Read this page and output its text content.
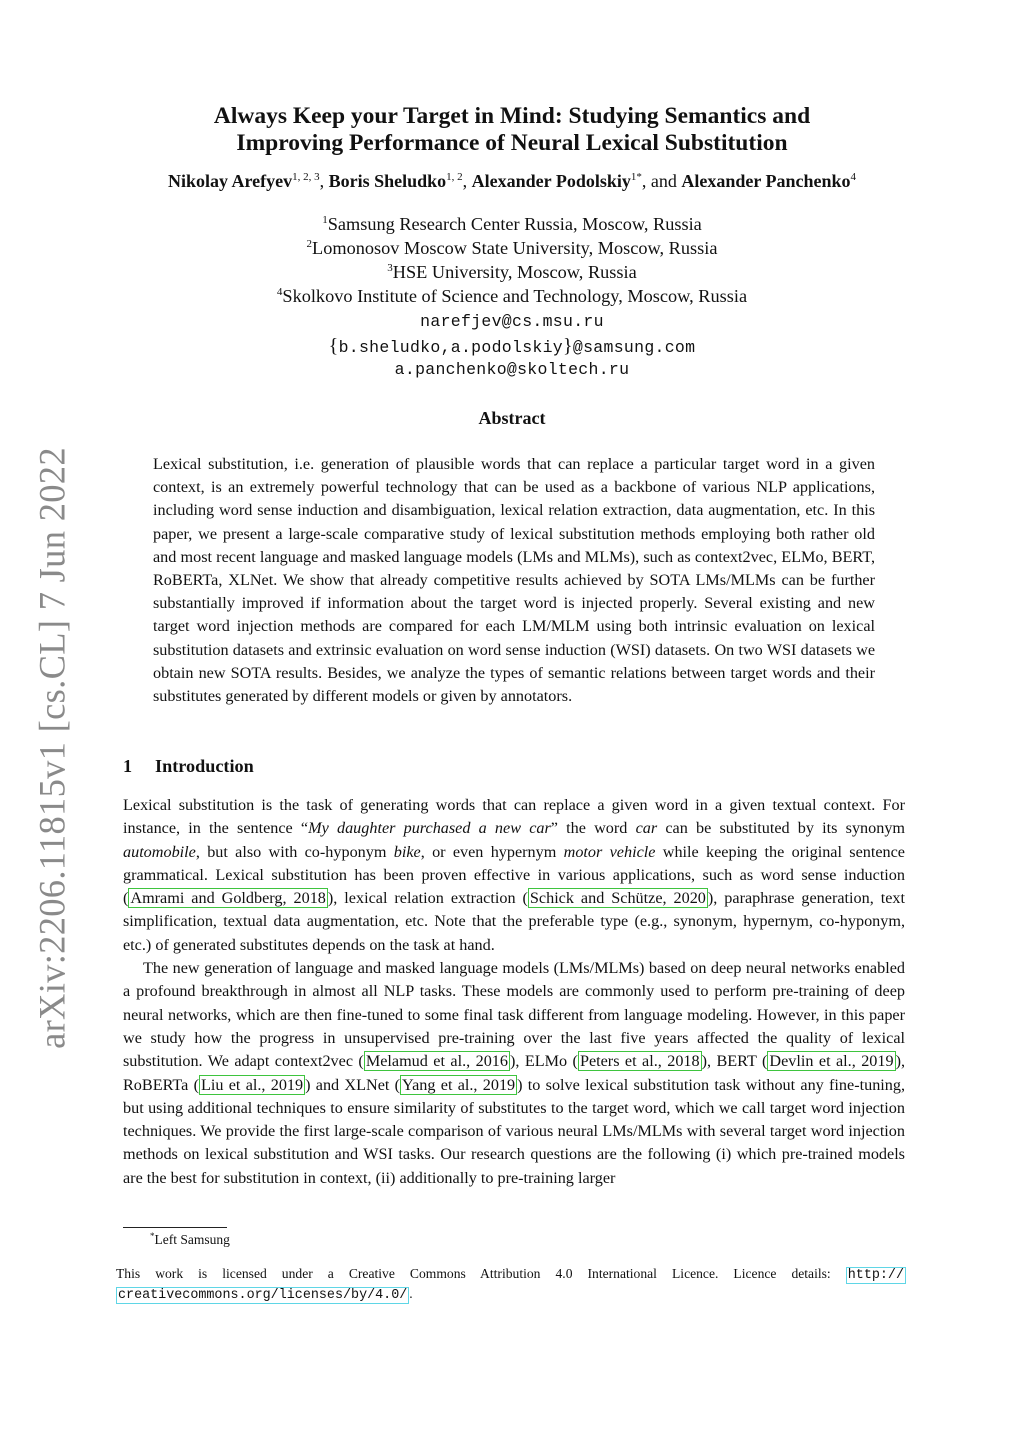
arXiv:2206.11815v1 [cs.CL] 7 Jun 2022
Always Keep your Target in Mind: Studying Semantics and
Improving Performance of Neural Lexical Substitution
Nikolay Arefyev$^{1, 2, 3}$, Boris Sheludko$^{1, 2}$, Alexander Podolskiy$^{1*}$, and Alexander Panchenko$^4$
$^1$Samsung Research Center Russia, Moscow, Russia
$^2$Lomonosov Moscow State University, Moscow, Russia
$^3$HSE University, Moscow, Russia
$^4$Skolkovo Institute of Science and Technology, Moscow, Russia
narefjev@cs.msu.ru
{b.sheludko,a.podolskiy}@samsung.com
a.panchenko@skoltech.ru
Abstract
Lexical substitution, i.e. generation of plausible words that can replace a particular target word in a given context, is an extremely powerful technology that can be used as a backbone of various NLP applications, including word sense induction and disambiguation, lexical relation extraction, data augmentation, etc. In this paper, we present a large-scale comparative study of lexical substitution methods employing both rather old and most recent language and masked language models (LMs and MLMs), such as context2vec, ELMo, BERT, RoBERTa, XLNet. We show that already competitive results achieved by SOTA LMs/MLMs can be further substantially improved if information about the target word is injected properly. Several existing and new target word injection methods are compared for each LM/MLM using both intrinsic evaluation on lexical substitution datasets and extrinsic evaluation on word sense induction (WSI) datasets. On two WSI datasets we obtain new SOTA results. Besides, we analyze the types of semantic relations between target words and their substitutes generated by different models or given by annotators.
1 Introduction

Lexical substitution is the task of generating words that can replace a given word in a given textual context. For instance, in the sentence “My daughter purchased a new car” the word car can be substituted by its synonym automobile, but also with co-hyponym bike, or even hypernym motor vehicle while keeping the original sentence grammatical. Lexical substitution has been proven effective in various applications, such as word sense induction ( Amrami and Goldberg, 2018 ), lexical relation extraction ( Schick and Schütze, 2020 ), paraphrase generation, text simplification, textual data augmentation, etc. Note that the preferable type (e.g., synonym, hypernym, co-hyponym, etc.) of generated substitutes depends on the task at hand.

The new generation of language and masked language models (LMs/MLMs) based on deep neural networks enabled a profound breakthrough in almost all NLP tasks. These models are commonly used to perform pre-training of deep neural networks, which are then fine-tuned to some final task different from language modeling. However, in this paper we study how the progress in unsupervised pre-training over the last five years affected the quality of lexical substitution. We adapt context2vec ( Melamud et al., 2016 ), ELMo ( Peters et al., 2018 ), BERT ( Devlin et al., 2019 ), RoBERTa ( Liu et al., 2019 ) and XLNet ( Yang et al., 2019 ) to solve lexical substitution task without any fine-tuning, but using additional techniques to ensure similarity of substitutes to the target word, which we call target word injection techniques. We provide the first large-scale comparison of various neural LMs/MLMs with several target word injection methods on lexical substitution and WSI tasks. Our research questions are the following (i) which pre-trained models are the best for substitution in context, (ii) additionally to pre-training larger

*Left Samsung
This work is licensed under a Creative Commons Attribution 4.0 International Licence. Licence details: http:// creativecommons.org/licenses/by/4.0/ .
